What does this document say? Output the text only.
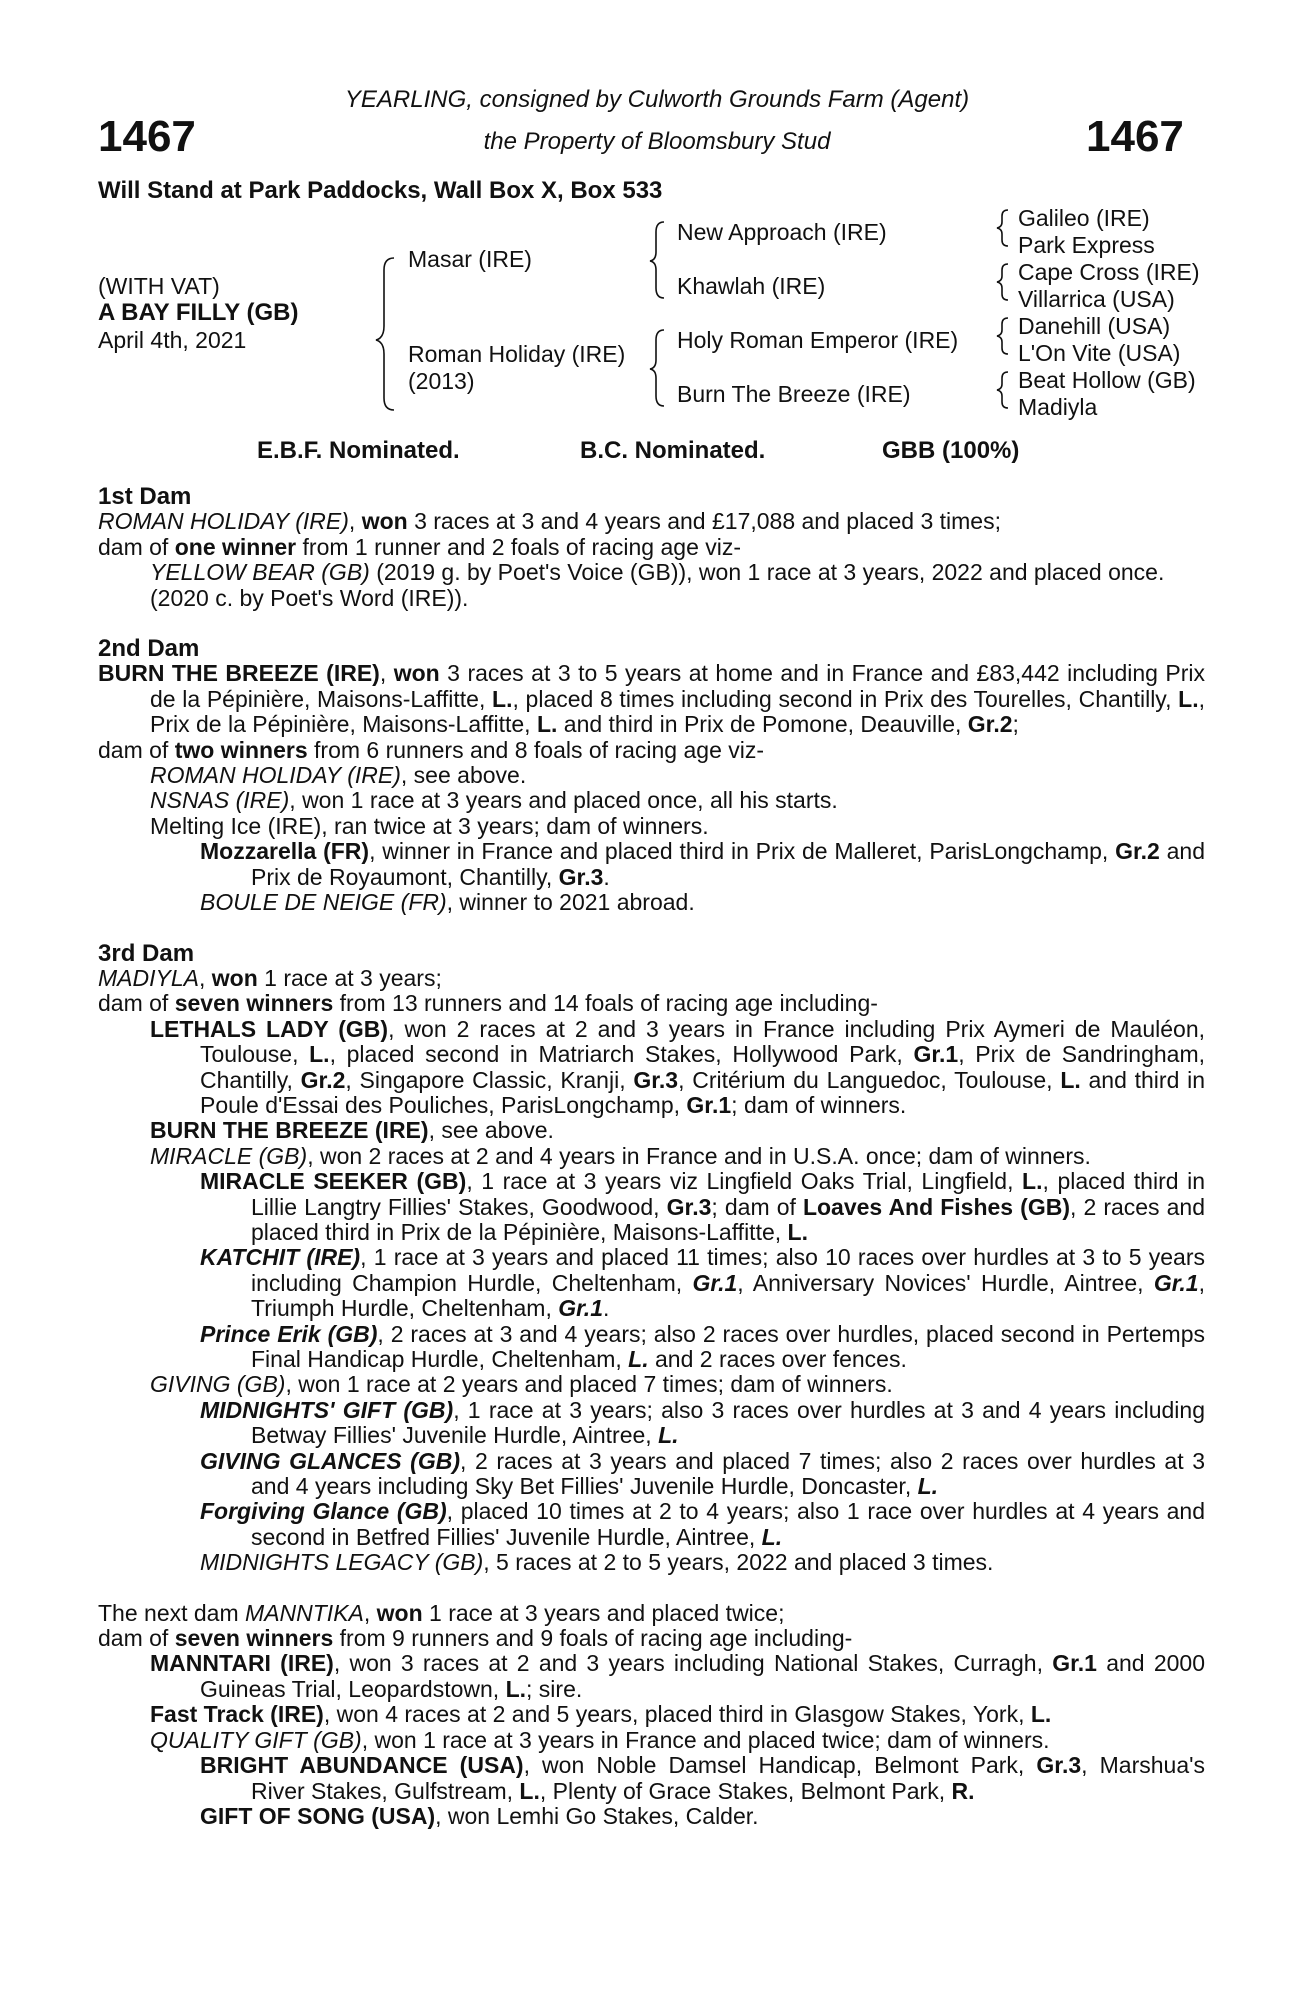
1467	1467
YEARLING, consigned by Culworth Grounds Farm (Agent)
the Property of Bloomsbury Stud
Will Stand at Park Paddocks, Wall Box X, Box 533
(WITH VAT)
A BAY FILLY (GB)
April 4th, 2021
Masar (IRE)
Roman Holiday (IRE)
(2013)
New Approach (IRE)
Khawlah (IRE)
Holy Roman Emperor (IRE)
Burn The Breeze (IRE)
Galileo (IRE)
Park Express
Cape Cross (IRE)
Villarrica (USA)
Danehill (USA)
L'On Vite (USA)
Beat Hollow (GB)
Madiyla
E.B.F. Nominated.	B.C. Nominated.	GBB (100%)

1st Dam

ROMAN HOLIDAY (IRE), won 3 races at 3 and 4 years and £17,088 and placed 3 times;

dam of one winner from 1 runner and 2 foals of racing age viz-

YELLOW BEAR (GB) (2019 g. by Poet's Voice (GB)), won 1 race at 3 years, 2022 and placed once.

(2020 c. by Poet's Word (IRE)).

2nd Dam

BURN THE BREEZE (IRE), won 3 races at 3 to 5 years at home and in France and £83,442 including Prix de la Pépinière, Maisons-Laffitte, L., placed 8 times including second in Prix des Tourelles, Chantilly, L., Prix de la Pépinière, Maisons-Laffitte, L. and third in Prix de Pomone, Deauville, Gr.2;

dam of two winners from 6 runners and 8 foals of racing age viz-

ROMAN HOLIDAY (IRE), see above.

NSNAS (IRE), won 1 race at 3 years and placed once, all his starts.

Melting Ice (IRE), ran twice at 3 years; dam of winners.

Mozzarella (FR), winner in France and placed third in Prix de Malleret, ParisLongchamp, Gr.2 and Prix de Royaumont, Chantilly, Gr.3.

BOULE DE NEIGE (FR), winner to 2021 abroad.

3rd Dam

MADIYLA, won 1 race at 3 years;

dam of seven winners from 13 runners and 14 foals of racing age including-

LETHALS LADY (GB), won 2 races at 2 and 3 years in France including Prix Aymeri de Mauléon, Toulouse, L., placed second in Matriarch Stakes, Hollywood Park, Gr.1, Prix de Sandringham, Chantilly, Gr.2, Singapore Classic, Kranji, Gr.3, Critérium du Languedoc, Toulouse, L. and third in Poule d'Essai des Pouliches, ParisLongchamp, Gr.1; dam of winners.

BURN THE BREEZE (IRE), see above.

MIRACLE (GB), won 2 races at 2 and 4 years in France and in U.S.A. once; dam of winners.

MIRACLE SEEKER (GB), 1 race at 3 years viz Lingfield Oaks Trial, Lingfield, L., placed third in Lillie Langtry Fillies' Stakes, Goodwood, Gr.3; dam of Loaves And Fishes (GB), 2 races and placed third in Prix de la Pépinière, Maisons-Laffitte, L.

KATCHIT (IRE), 1 race at 3 years and placed 11 times; also 10 races over hurdles at 3 to 5 years including Champion Hurdle, Cheltenham, Gr.1, Anniversary Novices' Hurdle, Aintree, Gr.1, Triumph Hurdle, Cheltenham, Gr.1.

Prince Erik (GB), 2 races at 3 and 4 years; also 2 races over hurdles, placed second in Pertemps Final Handicap Hurdle, Cheltenham, L. and 2 races over fences.

GIVING (GB), won 1 race at 2 years and placed 7 times; dam of winners.

MIDNIGHTS' GIFT (GB), 1 race at 3 years; also 3 races over hurdles at 3 and 4 years including Betway Fillies' Juvenile Hurdle, Aintree, L.

GIVING GLANCES (GB), 2 races at 3 years and placed 7 times; also 2 races over hurdles at 3 and 4 years including Sky Bet Fillies' Juvenile Hurdle, Doncaster, L.

Forgiving Glance (GB), placed 10 times at 2 to 4 years; also 1 race over hurdles at 4 years and second in Betfred Fillies' Juvenile Hurdle, Aintree, L.

MIDNIGHTS LEGACY (GB), 5 races at 2 to 5 years, 2022 and placed 3 times.

The next dam MANNTIKA, won 1 race at 3 years and placed twice;

dam of seven winners from 9 runners and 9 foals of racing age including-

MANNTARI (IRE), won 3 races at 2 and 3 years including National Stakes, Curragh, Gr.1 and 2000 Guineas Trial, Leopardstown, L.; sire.

Fast Track (IRE), won 4 races at 2 and 5 years, placed third in Glasgow Stakes, York, L.

QUALITY GIFT (GB), won 1 race at 3 years in France and placed twice; dam of winners.

BRIGHT ABUNDANCE (USA), won Noble Damsel Handicap, Belmont Park, Gr.3, Marshua's River Stakes, Gulfstream, L., Plenty of Grace Stakes, Belmont Park, R.

GIFT OF SONG (USA), won Lemhi Go Stakes, Calder.
